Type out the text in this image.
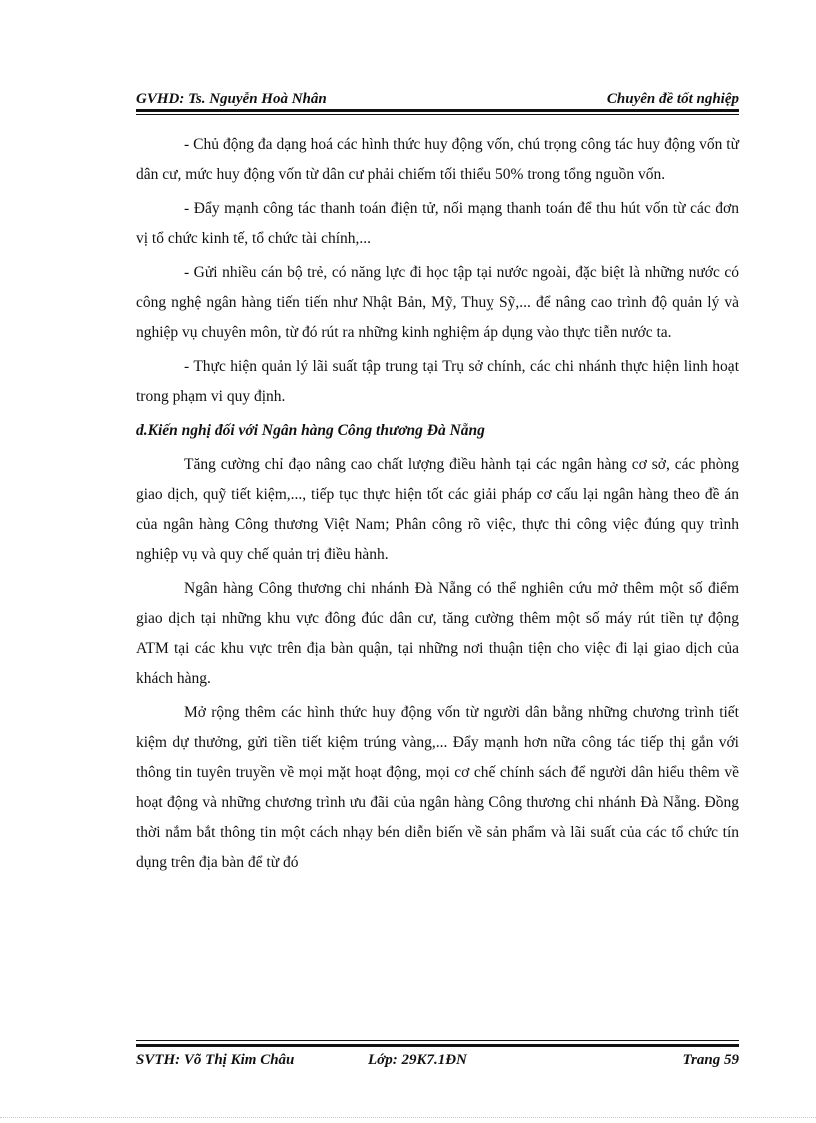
GVHD: Ts. Nguyễn Hoà Nhân	Chuyên đề tốt nghiệp

- Chủ động đa dạng hoá các hình thức huy động vốn, chú trọng công tác huy động vốn từ dân cư, mức huy động vốn từ dân cư phải chiếm tối thiểu 50% trong tổng nguồn vốn.

- Đẩy mạnh công tác thanh toán điện tử, nối mạng thanh toán để thu hút vốn từ các đơn vị tổ chức kinh tế, tổ chức tài chính,...

- Gửi nhiều cán bộ trẻ, có năng lực đi học tập tại nước ngoài, đặc biệt là những nước có công nghệ ngân hàng tiến tiến như Nhật Bản, Mỹ, Thuỵ Sỹ,... để nâng cao trình độ quản lý và nghiệp vụ chuyên môn, từ đó rút ra những kinh nghiệm áp dụng vào thực tiễn nước ta.

- Thực hiện quản lý lãi suất tập trung tại Trụ sở chính, các chi nhánh thực hiện linh hoạt trong phạm vi quy định.

d.Kiến nghị đối với Ngân hàng Công thương Đà Nẵng

Tăng cường chỉ đạo nâng cao chất lượng điều hành tại các ngân hàng cơ sở, các phòng giao dịch, quỹ tiết kiệm,..., tiếp tục thực hiện tốt các giải pháp cơ cấu lại ngân hàng theo đề án của ngân hàng Công thương Việt Nam; Phân công rõ việc, thực thi công việc đúng quy trình nghiệp vụ và quy chế quản trị điều hành.

Ngân hàng Công thương chi nhánh Đà Nẵng có thể nghiên cứu mở thêm một số điểm giao dịch tại những khu vực đông đúc dân cư, tăng cường thêm một số máy rút tiền tự động ATM tại các khu vực trên địa bàn quận, tại những nơi thuận tiện cho việc đi lại giao dịch của khách hàng.

Mở rộng thêm các hình thức huy động vốn từ người dân bằng những chương trình tiết kiệm dự thưởng, gửi tiền tiết kiệm trúng vàng,... Đẩy mạnh hơn nữa công tác tiếp thị gắn với thông tin tuyên truyền về mọi mặt hoạt động, mọi cơ chế chính sách để người dân hiểu thêm về hoạt động và những chương trình ưu đãi của ngân hàng Công thương chi nhánh Đà Nẵng. Đồng thời nắm bắt thông tin một cách nhạy bén diễn biến về sản phẩm và lãi suất của các tổ chức tín dụng trên địa bàn để từ đó

SVTH: Võ Thị Kim Châu	Lớp: 29K7.1ĐN	Trang 59
